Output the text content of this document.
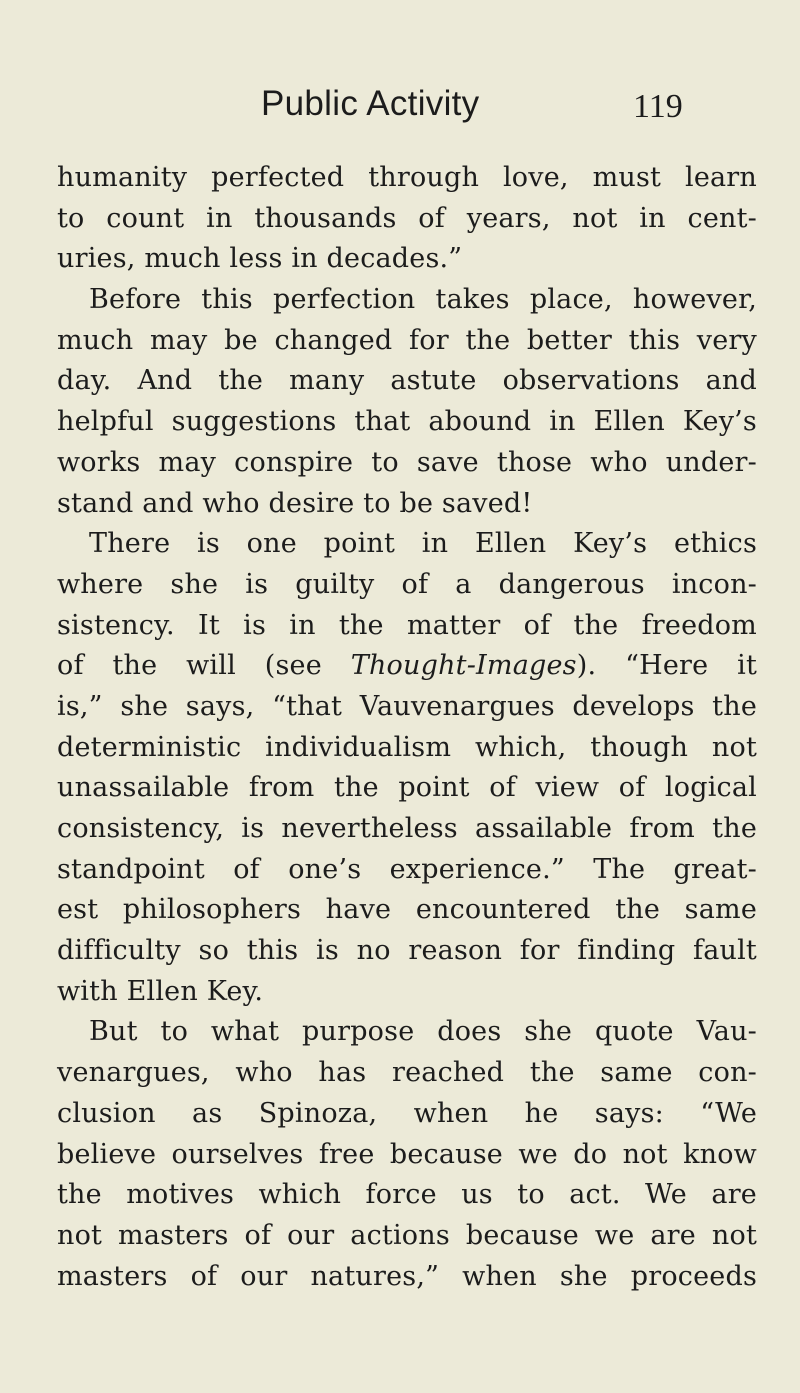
Public Activity	119
humanity perfected through love, must learn
to count in thousands of years, not in cent-
uries, much less in decades.”
Before this perfection takes place, however,
much may be changed for the better this very
day. And the many astute observations and
helpful suggestions that abound in Ellen Key’s
works may conspire to save those who under-
stand and who desire to be saved!
There is one point in Ellen Key’s ethics
where she is guilty of a dangerous incon-
sistency. It is in the matter of the freedom
of the will (see Thought-Images). “Here it
is,” she says, “that Vauvenargues develops the
deterministic individualism which, though not
unassailable from the point of view of logical
consistency, is nevertheless assailable from the
standpoint of one’s experience.” The great-
est philosophers have encountered the same
difficulty so this is no reason for finding fault
with Ellen Key.
But to what purpose does she quote Vau-
venargues, who has reached the same con-
clusion as Spinoza, when he says: “We
believe ourselves free because we do not know
the motives which force us to act. We are
not masters of our actions because we are not
masters of our natures,” when she proceeds
